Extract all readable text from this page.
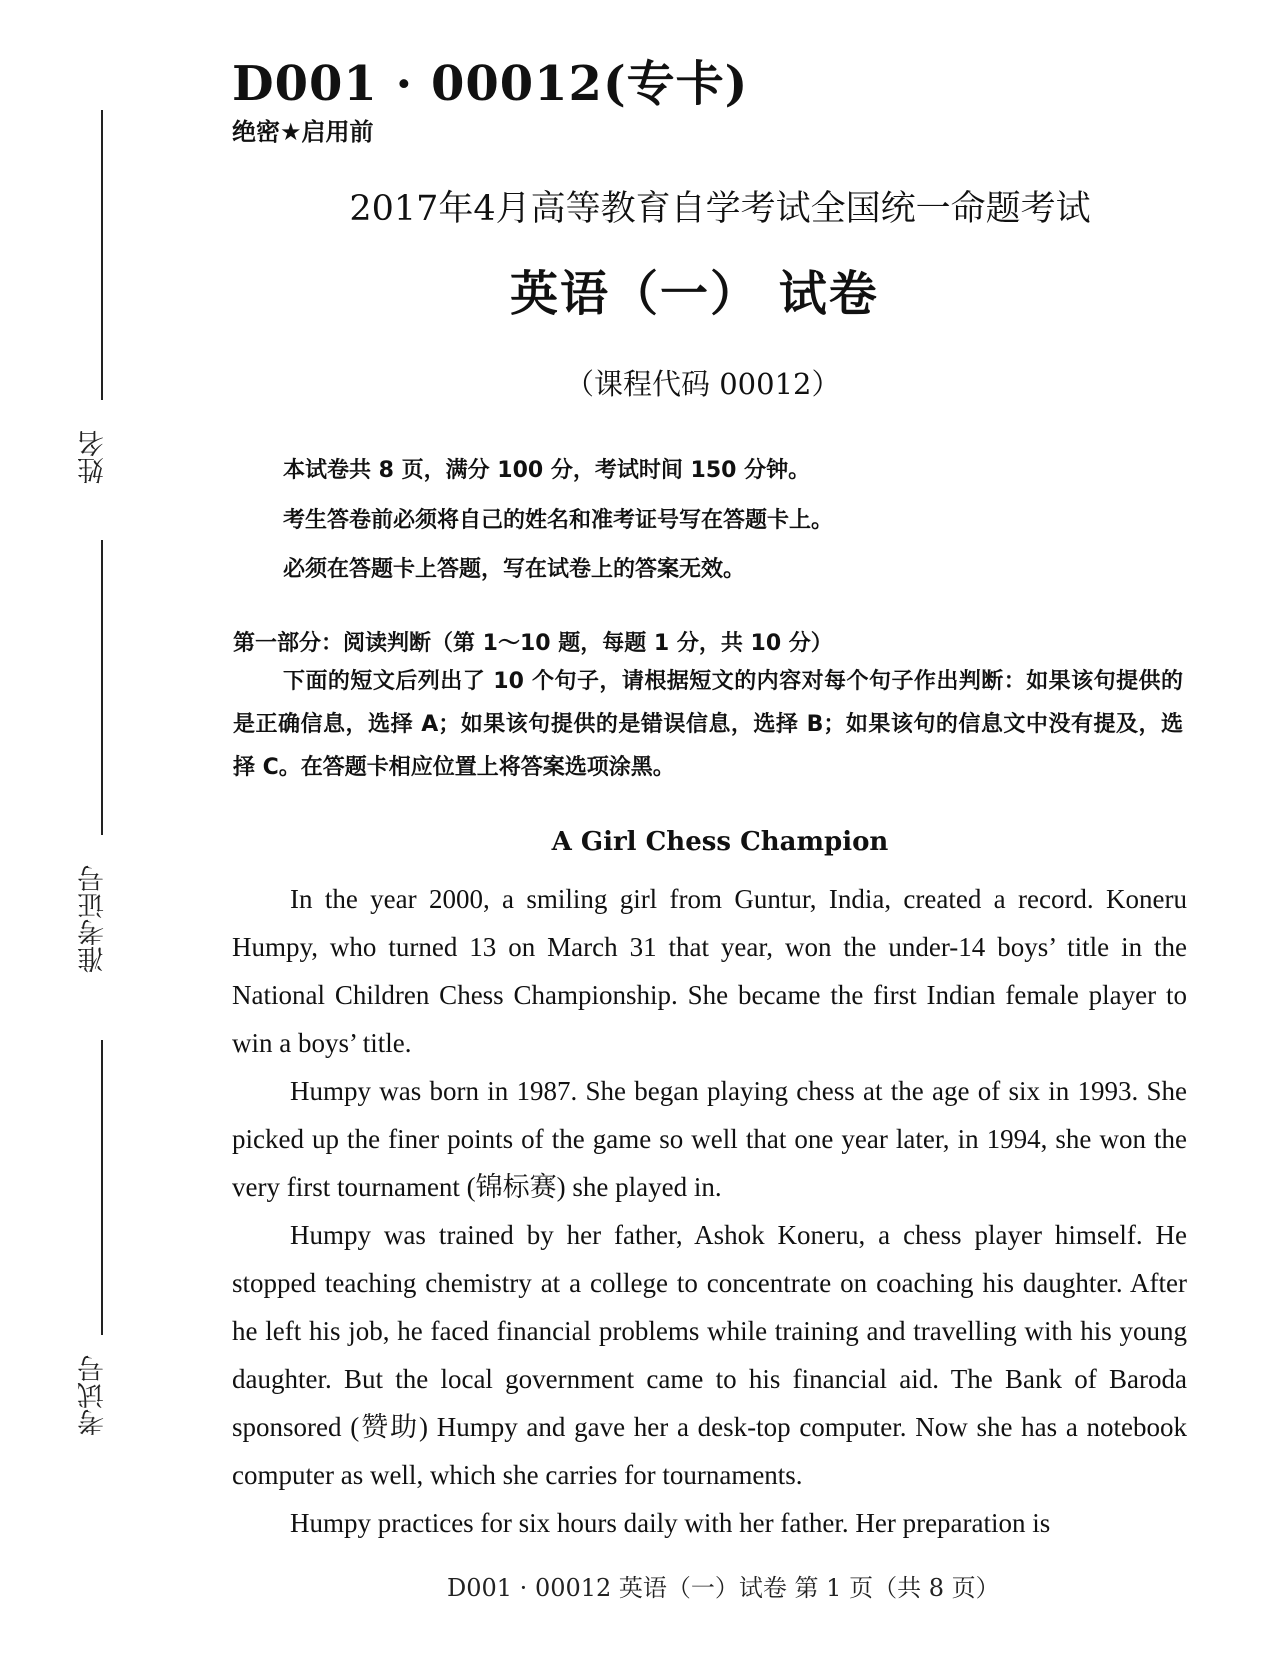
姓名
准考证号
考试号
D001 · 00012(专卡)
绝密★启用前
2017年4月高等教育自学考试全国统一命题考试
英语（一） 试卷
（课程代码 00012）
本试卷共 8 页，满分 100 分，考试时间 150 分钟。
考生答卷前必须将自己的姓名和准考证号写在答题卡上。
必须在答题卡上答题，写在试卷上的答案无效。
第一部分：阅读判断（第 1～10 题，每题 1 分，共 10 分）
下面的短文后列出了 10 个句子，请根据短文的内容对每个句子作出判断：如果该句提供的是正确信息，选择 A；如果该句提供的是错误信息，选择 B；如果该句的信息文中没有提及，选择 C。在答题卡相应位置上将答案选项涂黑。
A Girl Chess Champion

In the year 2000, a smiling girl from Guntur, India, created a record. Koneru Humpy, who turned 13 on March 31 that year, won the under-14 boys’ title in the National Children Chess Championship. She became the first Indian female player to win a boys’ title.

Humpy was born in 1987. She began playing chess at the age of six in 1993. She picked up the finer points of the game so well that one year later, in 1994, she won the very first tournament (锦标赛) she played in.

Humpy was trained by her father, Ashok Koneru, a chess player himself. He stopped teaching chemistry at a college to concentrate on coaching his daughter. After he left his job, he faced financial problems while training and travelling with his young daughter. But the local government came to his financial aid. The Bank of Baroda sponsored (赞助) Humpy and gave her a desk-top computer. Now she has a notebook computer as well, which she carries for tournaments.

Humpy practices for six hours daily with her father. Her preparation is

D001 · 00012 英语（一）试卷 第 1 页（共 8 页）
